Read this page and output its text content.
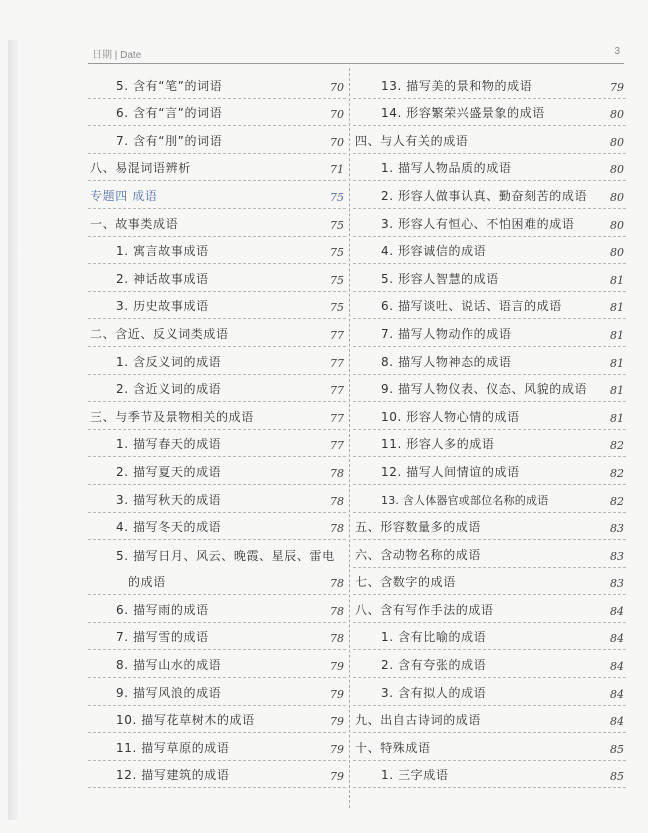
日期 | Date	3
5. 含有“笔”的词语	70
6. 含有“言”的词语	70
7. 含有“刖”的词语	70
八、易混词语辨析	71
专题四 成语	75
一、故事类成语	75
1. 寓言故事成语	75
2. 神话故事成语	75
3. 历史故事成语	75
二、含近、反义词类成语	77
1. 含反义词的成语	77
2. 含近义词的成语	77
三、与季节及景物相关的成语	77
1. 描写春天的成语	77
2. 描写夏天的成语	78
3. 描写秋天的成语	78
4. 描写冬天的成语	78
5. 描写日月、风云、晚霞、星辰、雷电
的成语	78
6. 描写雨的成语	78
7. 描写雪的成语	78
8. 描写山水的成语	79
9. 描写风浪的成语	79
10. 描写花草树木的成语	79
11. 描写草原的成语	79
12. 描写建筑的成语	79
13. 描写美的景和物的成语	79
14. 形容繁荣兴盛景象的成语	80
四、与人有关的成语	80
1. 描写人物品质的成语	80
2. 形容人做事认真、勤奋刻苦的成语 80
3. 形容人有恒心、不怕困难的成语	80
4. 形容诚信的成语	80
5. 形容人智慧的成语	81
6. 描写谈吐、说话、语言的成语	81
7. 描写人物动作的成语	81
8. 描写人物神态的成语	81
9. 描写人物仪表、仪态、风貌的成语 81
10. 形容人物心情的成语	81
11. 形容人多的成语	82
12. 描写人间情谊的成语	82
13. 含人体器官或部位名称的成语	82
五、形容数量多的成语	83
六、含动物名称的成语	83
七、含数字的成语	83
八、含有写作手法的成语	84
1. 含有比喻的成语	84
2. 含有夸张的成语	84
3. 含有拟人的成语	84
九、出自古诗词的成语	84
十、特殊成语	85
1. 三字成语	85
